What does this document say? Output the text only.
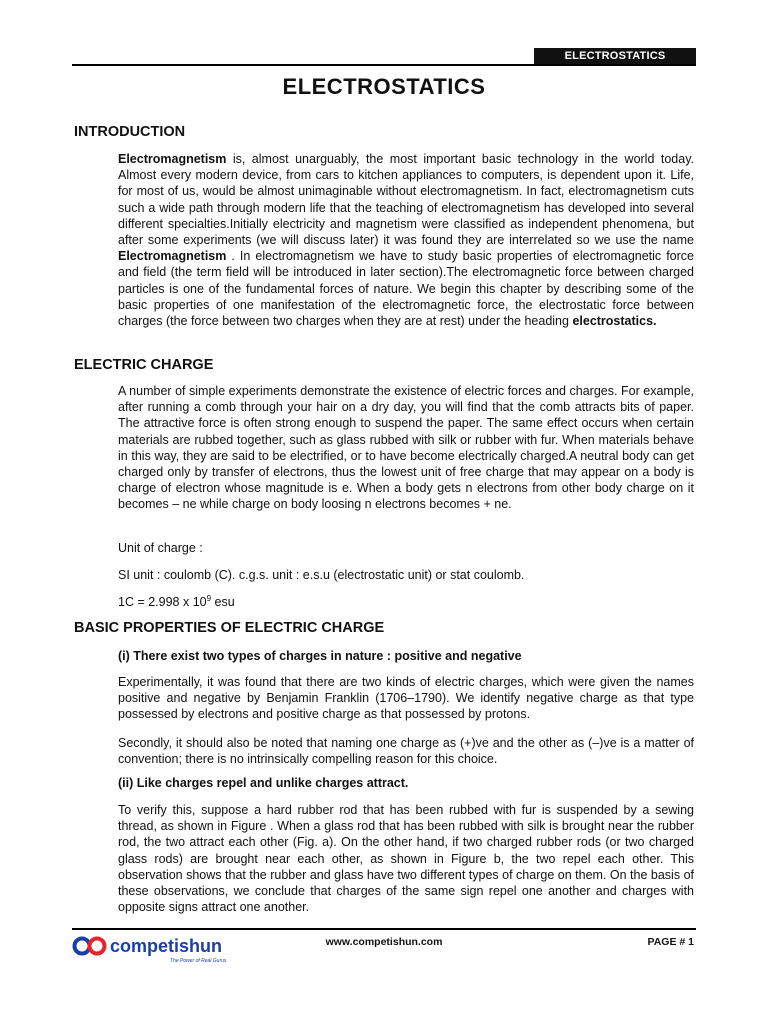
ELECTROSTATICS
ELECTROSTATICS
INTRODUCTION

Electromagnetism is, almost unarguably, the most important basic technology in the world today. Almost every modern device, from cars to kitchen appliances to computers, is dependent upon it. Life, for most of us, would be almost unimaginable without electromagnetism. In fact, electromagnetism cuts such a wide path through modern life that the teaching of electromagnetism has developed into several different specialties.Initially electricity and magnetism were classified as independent phenomena, but after some experiments (we will discuss later) it was found they are interrelated so we use the name Electromagnetism . In electromagnetism we have to study basic properties of electromagnetic force and field (the term field will be introduced in later section).The electromagnetic force between charged particles is one of the fundamental forces of nature. We begin this chapter by describing some of the basic properties of one manifestation of the electromagnetic force, the electrostatic force between charges (the force between two charges when they are at rest) under the heading electrostatics.

ELECTRIC CHARGE

A number of simple experiments demonstrate the existence of electric forces and charges. For example, after running a comb through your hair on a dry day, you will find that the comb attracts bits of paper. The attractive force is often strong enough to suspend the paper. The same effect occurs when certain materials are rubbed together, such as glass rubbed with silk or rubber with fur. When materials behave in this way, they are said to be electrified, or to have become electrically charged.A neutral body can get charged only by transfer of electrons, thus the lowest unit of free charge that may appear on a body is charge of electron whose magnitude is e. When a body gets n electrons from other body charge on it becomes – ne while charge on body loosing n electrons becomes + ne.

Unit of charge :
SI unit : coulomb (C). c.g.s. unit : e.s.u (electrostatic unit) or stat coulomb.
1C = 2.998 x $10^9$ esu
BASIC PROPERTIES OF ELECTRIC CHARGE
(i) There exist two types of charges in nature : positive and negative

Experimentally, it was found that there are two kinds of electric charges, which were given the names positive and negative by Benjamin Franklin (1706–1790). We identify negative charge as that type possessed by electrons and positive charge as that possessed by protons.

Secondly, it should also be noted that naming one charge as (+)ve and the other as (–)ve is a matter of convention; there is no intrinsically compelling reason for this choice.

(ii) Like charges repel and unlike charges attract.

To verify this, suppose a hard rubber rod that has been rubbed with fur is suspended by a sewing thread, as shown in Figure . When a glass rod that has been rubbed with silk is brought near the rubber rod, the two attract each other (Fig. a). On the other hand, if two charged rubber rods (or two charged glass rods) are brought near each other, as shown in Figure b, the two repel each other. This observation shows that the rubber and glass have two different types of charge on them. On the basis of these observations, we conclude that charges of the same sign repel one another and charges with opposite signs attract one another.

competishun
The Power of Real Gurus
www.competishun.com	PAGE # 1
